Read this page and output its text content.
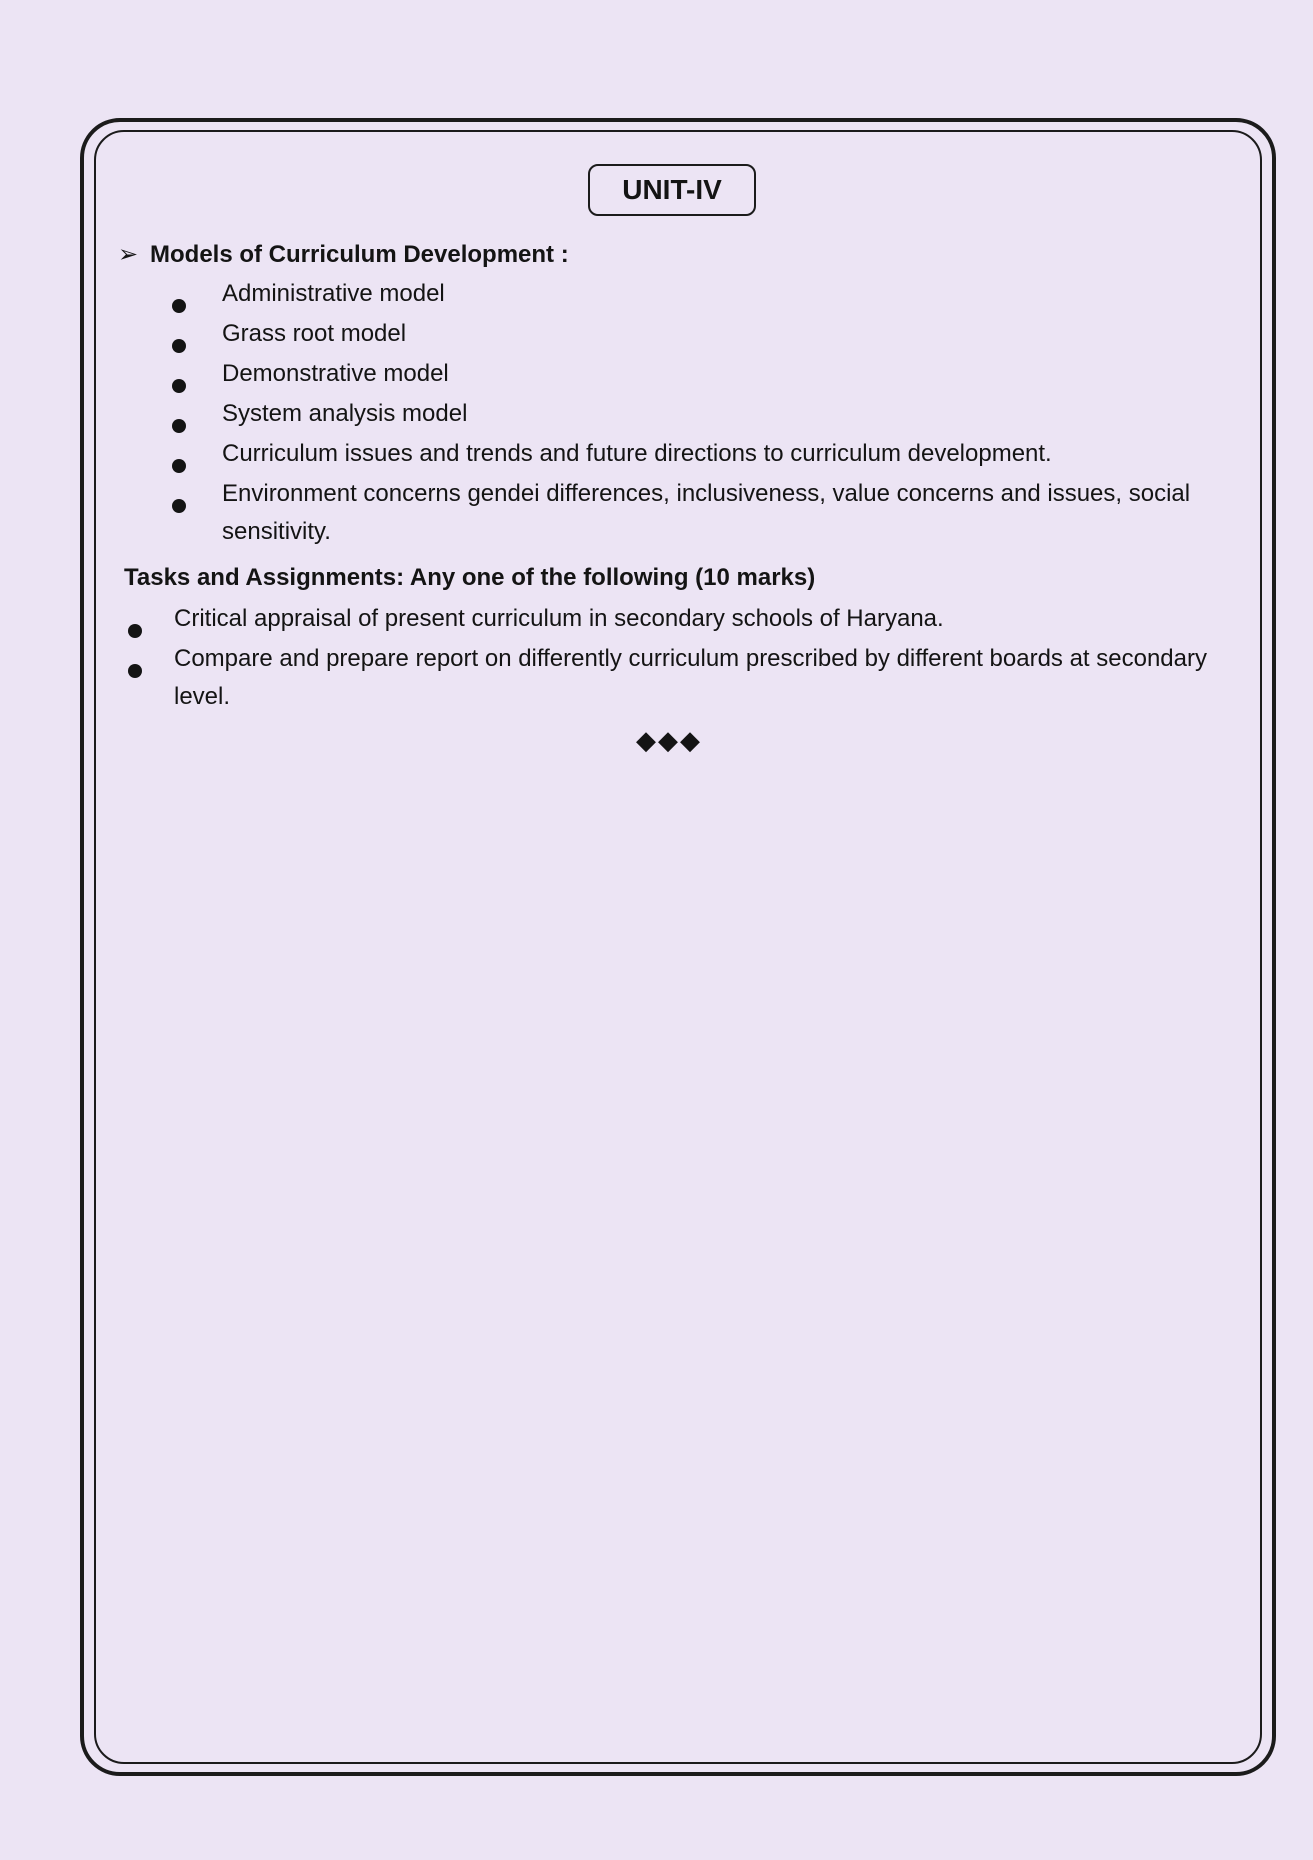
UNIT-IV
➢ Models of Curriculum Development :
Administrative model
Grass root model
Demonstrative model
System analysis model
Curriculum issues and trends and future directions to curriculum development.
Environment concerns gendei differences, inclusiveness, value concerns and issues, social sensitivity.
Tasks and Assignments: Any one of the following (10 marks)
Critical appraisal of present curriculum in secondary schools of Haryana.
Compare and prepare report on differently curriculum prescribed by different boards at secondary level.
◆◆◆
